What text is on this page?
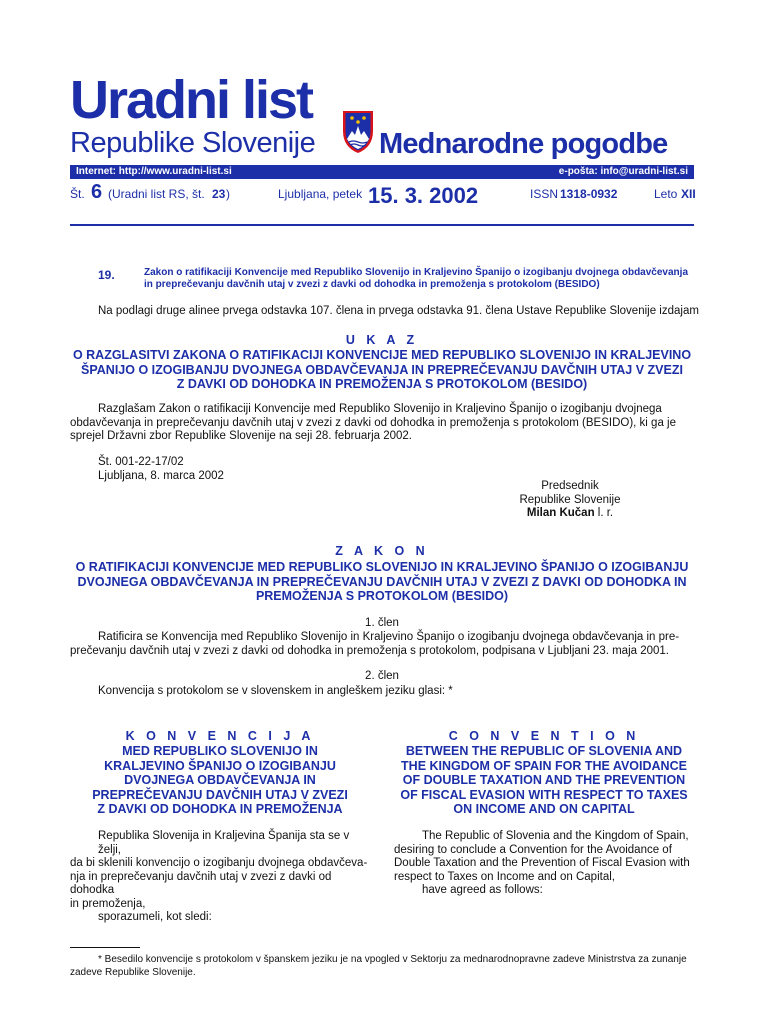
Uradni list
Republike Slovenije Mednarodne pogodbe
Internet: http://www.uradni-list.si	e-pošta: info@uradni-list.si
Št. 6 (Uradni list RS, št. 23 )	Ljubljana, petek 15. 3. 2002	ISSN 1318-0932	Leto XII
19.	Zakon o ratifikaciji Konvencije med Republiko Slovenijo in Kraljevino Španijo o izogibanju dvojnega obdavčevanja
in preprečevanju davčnih utaj v zvezi z davki od dohodka in premoženja s protokolom (BESIDO)
Na podlagi druge alinee prvega odstavka 107. člena in prvega odstavka 91. člena Ustave Republike Slovenije izdajam
U K A Z
O RAZGLASITVI ZAKONA O RATIFIKACIJI KONVENCIJE MED REPUBLIKO SLOVENIJO IN KRALJEVINO
ŠPANIJO O IZOGIBANJU DVOJNEGA OBDAVČEVANJA IN PREPREČEVANJU DAVČNIH UTAJ V ZVEZI
Z DAVKI OD DOHODKA IN PREMOŽENJA S PROTOKOLOM (BESIDO)
Razglašam Zakon o ratifikaciji Konvencije med Republiko Slovenijo in Kraljevino Španijo o izogibanju dvojnega
obdavčevanja in preprečevanju davčnih utaj v zvezi z davki od dohodka in premoženja s protokolom (BESIDO), ki ga je
sprejel Državni zbor Republike Slovenije na seji 28. februarja 2002.
Št. 001-22-17/02
Ljubljana, 8. marca 2002
Predsednik
Republike Slovenije
Milan Kučan l. r.
Z A K O N
O RATIFIKACIJI KONVENCIJE MED REPUBLIKO SLOVENIJO IN KRALJEVINO ŠPANIJO O IZOGIBANJU
DVOJNEGA OBDAVČEVANJA IN PREPREČEVANJU DAVČNIH UTAJ V ZVEZI Z DAVKI OD DOHODKA IN
PREMOŽENJA S PROTOKOLOM (BESIDO)
1. člen
Ratificira se Konvencija med Republiko Slovenijo in Kraljevino Španijo o izogibanju dvojnega obdavčevanja in pre-
prečevanju davčnih utaj v zvezi z davki od dohodka in premoženja s protokolom, podpisana v Ljubljani 23. maja 2001.
2. člen
Konvencija s protokolom se v slovenskem in angleškem jeziku glasi: *
K O N V E N C I J A
MED REPUBLIKO SLOVENIJO IN
KRALJEVINO ŠPANIJO O IZOGIBANJU
DVOJNEGA OBDAVČEVANJA IN
PREPREČEVANJU DAVČNIH UTAJ V ZVEZI
Z DAVKI OD DOHODKA IN PREMOŽENJA
Republika Slovenija in Kraljevina Španija sta se v želji,
da bi sklenili konvencijo o izogibanju dvojnega obdavčeva-
nja in preprečevanju davčnih utaj v zvezi z davki od dohodka
in premoženja,
sporazumeli, kot sledi:
C O N V E N T I O N
BETWEEN THE REPUBLIC OF SLOVENIA AND
THE KINGDOM OF SPAIN FOR THE AVOIDANCE
OF DOUBLE TAXATION AND THE PREVENTION
OF FISCAL EVASION WITH RESPECT TO TAXES
ON INCOME AND ON CAPITAL
The Republic of Slovenia and the Kingdom of Spain,
desiring to conclude a Convention for the Avoidance of
Double Taxation and the Prevention of Fiscal Evasion with
respect to Taxes on Income and on Capital,
have agreed as follows:
* Besedilo konvencije s protokolom v španskem jeziku je na vpogled v Sektorju za mednarodnopravne zadeve Ministrstva za zunanje
zadeve Republike Slovenije.
